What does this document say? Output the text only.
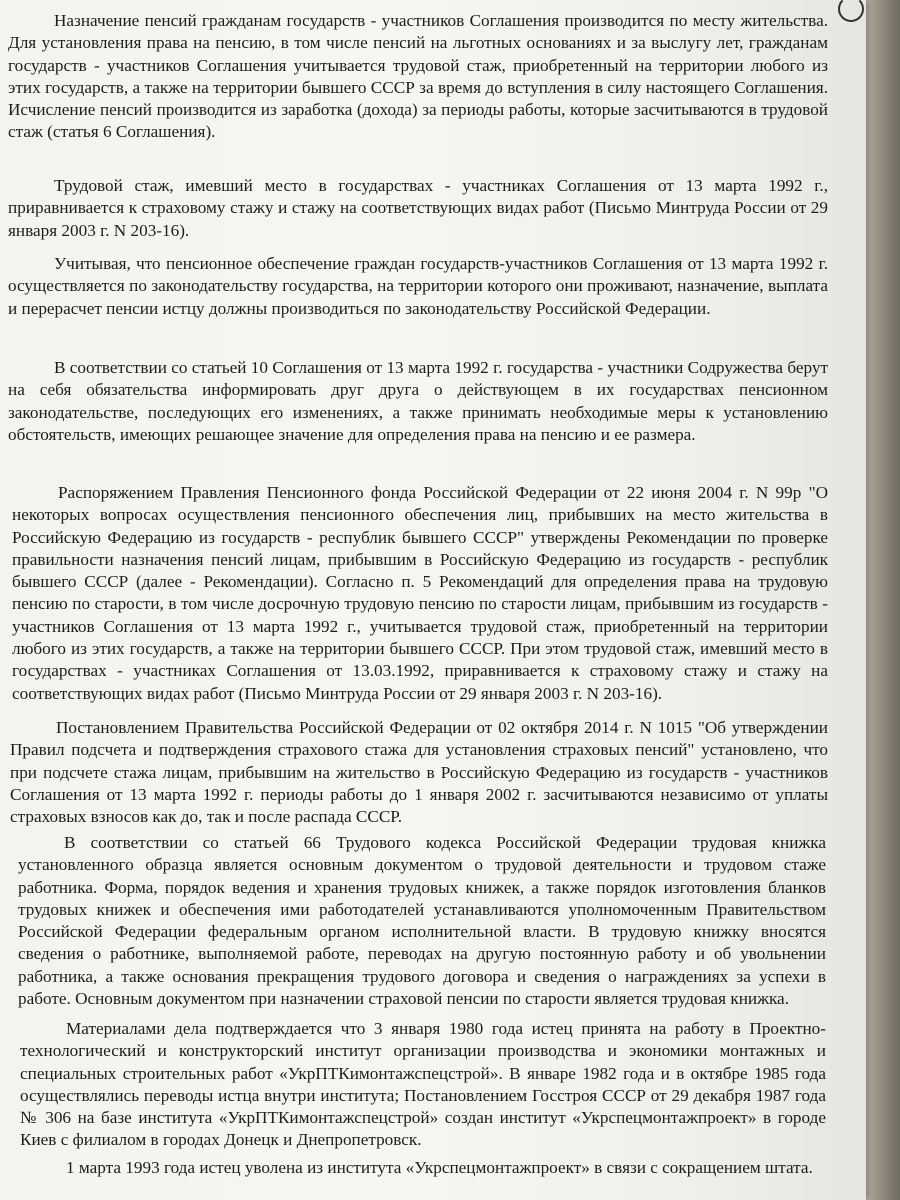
Назначение пенсий гражданам государств - участников Соглашения производится по месту жительства. Для установления права на пенсию, в том числе пенсий на льготных основаниях и за выслугу лет, гражданам государств - участников Соглашения учитывается трудовой стаж, приобретенный на территории любого из этих государств, а также на территории бывшего СССР за время до вступления в силу настоящего Соглашения. Исчисление пенсий производится из заработка (дохода) за периоды работы, которые засчитываются в трудовой стаж (статья 6 Соглашения).

Трудовой стаж, имевший место в государствах - участниках Соглашения от 13 марта 1992 г., приравнивается к страховому стажу и стажу на соответствующих видах работ (Письмо Минтруда России от 29 января 2003 г. N 203-16).

Учитывая, что пенсионное обеспечение граждан государств-участников Соглашения от 13 марта 1992 г. осуществляется по законодательству государства, на территории которого они проживают, назначение, выплата и перерасчет пенсии истцу должны производиться по законодательству Российской Федерации.

В соответствии со статьей 10 Соглашения от 13 марта 1992 г. государства - участники Содружества берут на себя обязательства информировать друг друга о действующем в их государствах пенсионном законодательстве, последующих его изменениях, а также принимать необходимые меры к установлению обстоятельств, имеющих решающее значение для определения права на пенсию и ее размера.

Распоряжением Правления Пенсионного фонда Российской Федерации от 22 июня 2004 г. N 99р "О некоторых вопросах осуществления пенсионного обеспечения лиц, прибывших на место жительства в Российскую Федерацию из государств - республик бывшего СССР" утверждены Рекомендации по проверке правильности назначения пенсий лицам, прибывшим в Российскую Федерацию из государств - республик бывшего СССР (далее - Рекомендации). Согласно п. 5 Рекомендаций для определения права на трудовую пенсию по старости, в том числе досрочную трудовую пенсию по старости лицам, прибывшим из государств - участников Соглашения от 13 марта 1992 г., учитывается трудовой стаж, приобретенный на территории любого из этих государств, а также на территории бывшего СССР. При этом трудовой стаж, имевший место в государствах - участниках Соглашения от 13.03.1992, приравнивается к страховому стажу и стажу на соответствующих видах работ (Письмо Минтруда России от 29 января 2003 г. N 203-16).

Постановлением Правительства Российской Федерации от 02 октября 2014 г. N 1015 "Об утверждении Правил подсчета и подтверждения страхового стажа для установления страховых пенсий" установлено, что при подсчете стажа лицам, прибывшим на жительство в Российскую Федерацию из государств - участников Соглашения от 13 марта 1992 г. периоды работы до 1 января 2002 г. засчитываются независимо от уплаты страховых взносов как до, так и после распада СССР.

В соответствии со статьей 66 Трудового кодекса Российской Федерации трудовая книжка установленного образца является основным документом о трудовой деятельности и трудовом стаже работника. Форма, порядок ведения и хранения трудовых книжек, а также порядок изготовления бланков трудовых книжек и обеспечения ими работодателей устанавливаются уполномоченным Правительством Российской Федерации федеральным органом исполнительной власти. В трудовую книжку вносятся сведения о работнике, выполняемой работе, переводах на другую постоянную работу и об увольнении работника, а также основания прекращения трудового договора и сведения о награждениях за успехи в работе. Основным документом при назначении страховой пенсии по старости является трудовая книжка.

Материалами дела подтверждается что 3 января 1980 года истец принята на работу в Проектно-технологический и конструкторский институт организации производства и экономики монтажных и специальных строительных работ «УкрПТКимонтажспецстрой». В январе 1982 года и в октябре 1985 года осуществлялись переводы истца внутри института; Постановлением Госстроя СССР от 29 декабря 1987 года № 306 на базе института «УкрПТКимонтажспецстрой» создан институт «Укрспецмонтажпроект» в городе Киев с филиалом в городах Донецк и Днепропетровск.

1 марта 1993 года истец уволена из института «Укрспецмонтажпроект» в связи с сокращением штата.
